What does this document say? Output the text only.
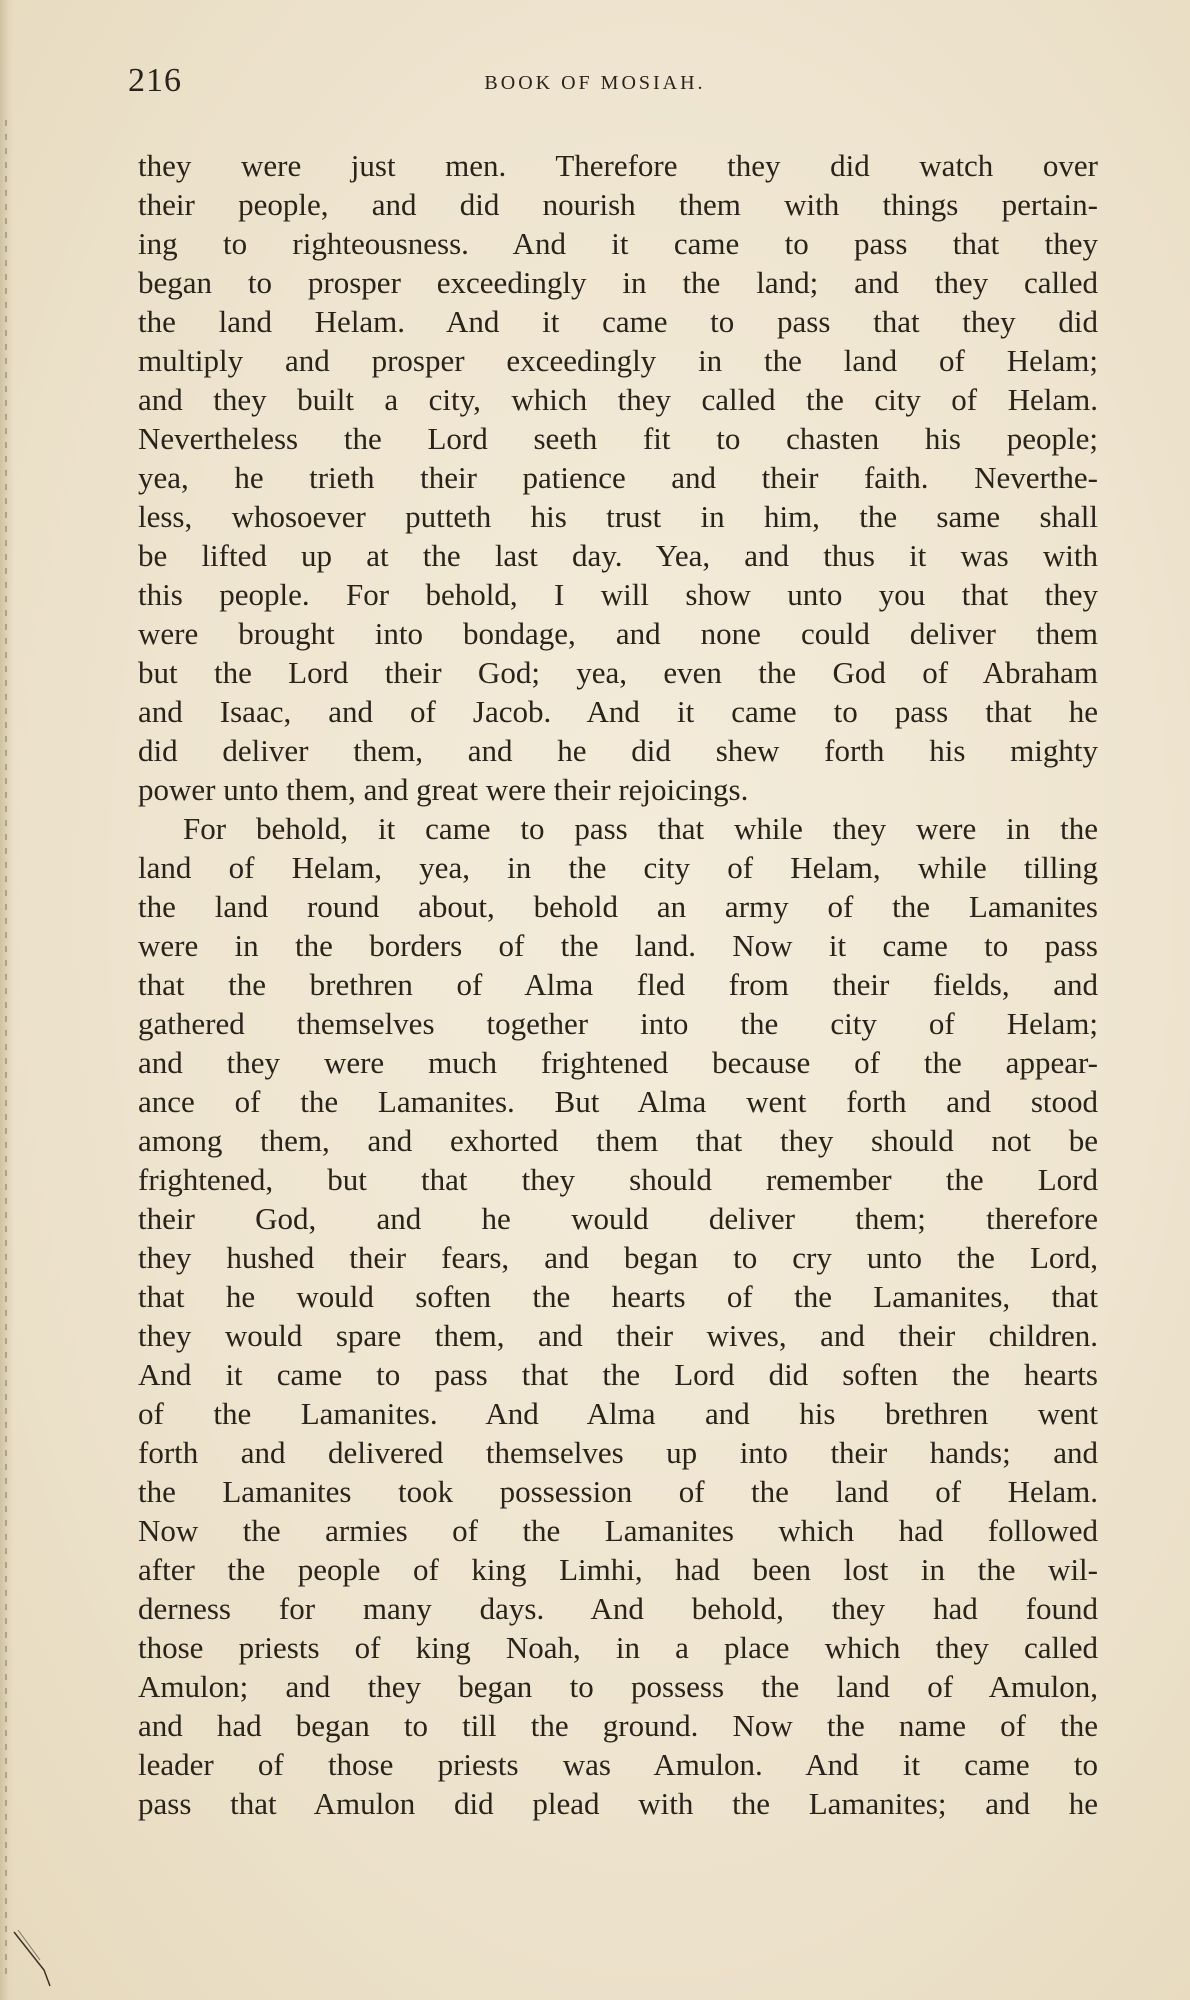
216	BOOK OF MOSIAH.
they were just men. Therefore they did watch over
their people, and did nourish them with things pertain-
ing to righteousness. And it came to pass that they
began to prosper exceedingly in the land; and they called
the land Helam. And it came to pass that they did
multiply and prosper exceedingly in the land of Helam;
and they built a city, which they called the city of Helam.
Nevertheless the Lord seeth fit to chasten his people;
yea, he trieth their patience and their faith. Neverthe-
less, whosoever putteth his trust in him, the same shall
be lifted up at the last day. Yea, and thus it was with
this people. For behold, I will show unto you that they
were brought into bondage, and none could deliver them
but the Lord their God; yea, even the God of Abraham
and Isaac, and of Jacob. And it came to pass that he
did deliver them, and he did shew forth his mighty
power unto them, and great were their rejoicings.
For behold, it came to pass that while they were in the
land of Helam, yea, in the city of Helam, while tilling
the land round about, behold an army of the Lamanites
were in the borders of the land. Now it came to pass
that the brethren of Alma fled from their fields, and
gathered themselves together into the city of Helam;
and they were much frightened because of the appear-
ance of the Lamanites. But Alma went forth and stood
among them, and exhorted them that they should not be
frightened, but that they should remember the Lord
their God, and he would deliver them; therefore
they hushed their fears, and began to cry unto the Lord,
that he would soften the hearts of the Lamanites, that
they would spare them, and their wives, and their children.
And it came to pass that the Lord did soften the hearts
of the Lamanites. And Alma and his brethren went
forth and delivered themselves up into their hands; and
the Lamanites took possession of the land of Helam.
Now the armies of the Lamanites which had followed
after the people of king Limhi, had been lost in the wil-
derness for many days. And behold, they had found
those priests of king Noah, in a place which they called
Amulon; and they began to possess the land of Amulon,
and had began to till the ground. Now the name of the
leader of those priests was Amulon. And it came to
pass that Amulon did plead with the Lamanites; and he
